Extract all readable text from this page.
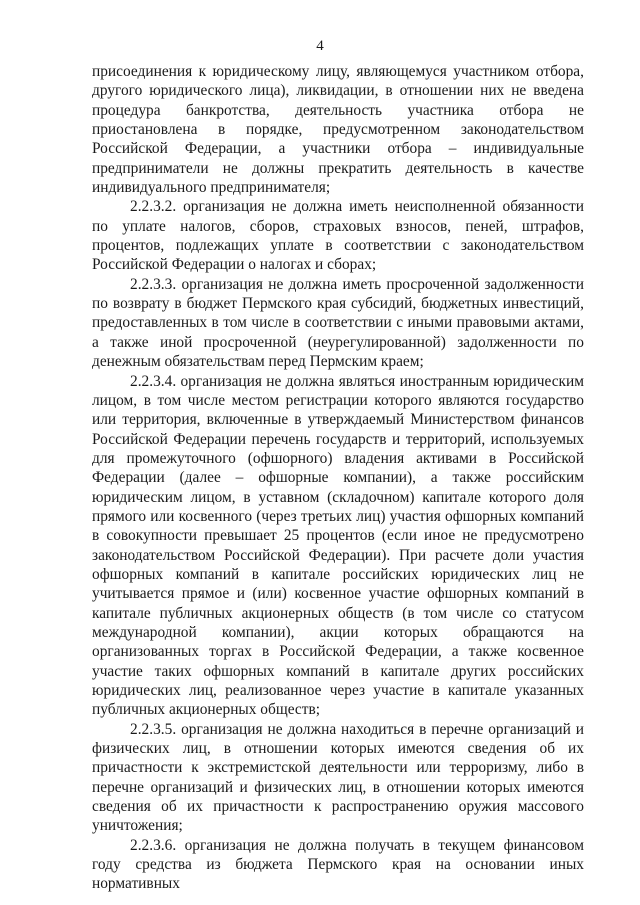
4

присоединения к юридическому лицу, являющемуся участником отбора, другого юридического лица), ликвидации, в отношении них не введена процедура банкротства, деятельность участника отбора не приостановлена в порядке, предусмотренном законодательством Российской Федерации, а участники отбора – индивидуальные предприниматели не должны прекратить деятельность в качестве индивидуального предпринимателя;

2.2.3.2. организация не должна иметь неисполненной обязанности по уплате налогов, сборов, страховых взносов, пеней, штрафов, процентов, подлежащих уплате в соответствии с законодательством Российской Федерации о налогах и сборах;

2.2.3.3. организация не должна иметь просроченной задолженности по возврату в бюджет Пермского края субсидий, бюджетных инвестиций, предоставленных в том числе в соответствии с иными правовыми актами, а также иной просроченной (неурегулированной) задолженности по денежным обязательствам перед Пермским краем;

2.2.3.4. организация не должна являться иностранным юридическим лицом, в том числе местом регистрации которого являются государство или территория, включенные в утверждаемый Министерством финансов Российской Федерации перечень государств и территорий, используемых для промежуточного (офшорного) владения активами в Российской Федерации (далее – офшорные компании), а также российским юридическим лицом, в уставном (складочном) капитале которого доля прямого или косвенного (через третьих лиц) участия офшорных компаний в совокупности превышает 25 процентов (если иное не предусмотрено законодательством Российской Федерации). При расчете доли участия офшорных компаний в капитале российских юридических лиц не учитывается прямое и (или) косвенное участие офшорных компаний в капитале публичных акционерных обществ (в том числе со статусом международной компании), акции которых обращаются на организованных торгах в Российской Федерации, а также косвенное участие таких офшорных компаний в капитале других российских юридических лиц, реализованное через участие в капитале указанных публичных акционерных обществ;

2.2.3.5. организация не должна находиться в перечне организаций и физических лиц, в отношении которых имеются сведения об их причастности к экстремистской деятельности или терроризму, либо в перечне организаций и физических лиц, в отношении которых имеются сведения об их причастности к распространению оружия массового уничтожения;

2.2.3.6. организация не должна получать в текущем финансовом году средства из бюджета Пермского края на основании иных нормативных
